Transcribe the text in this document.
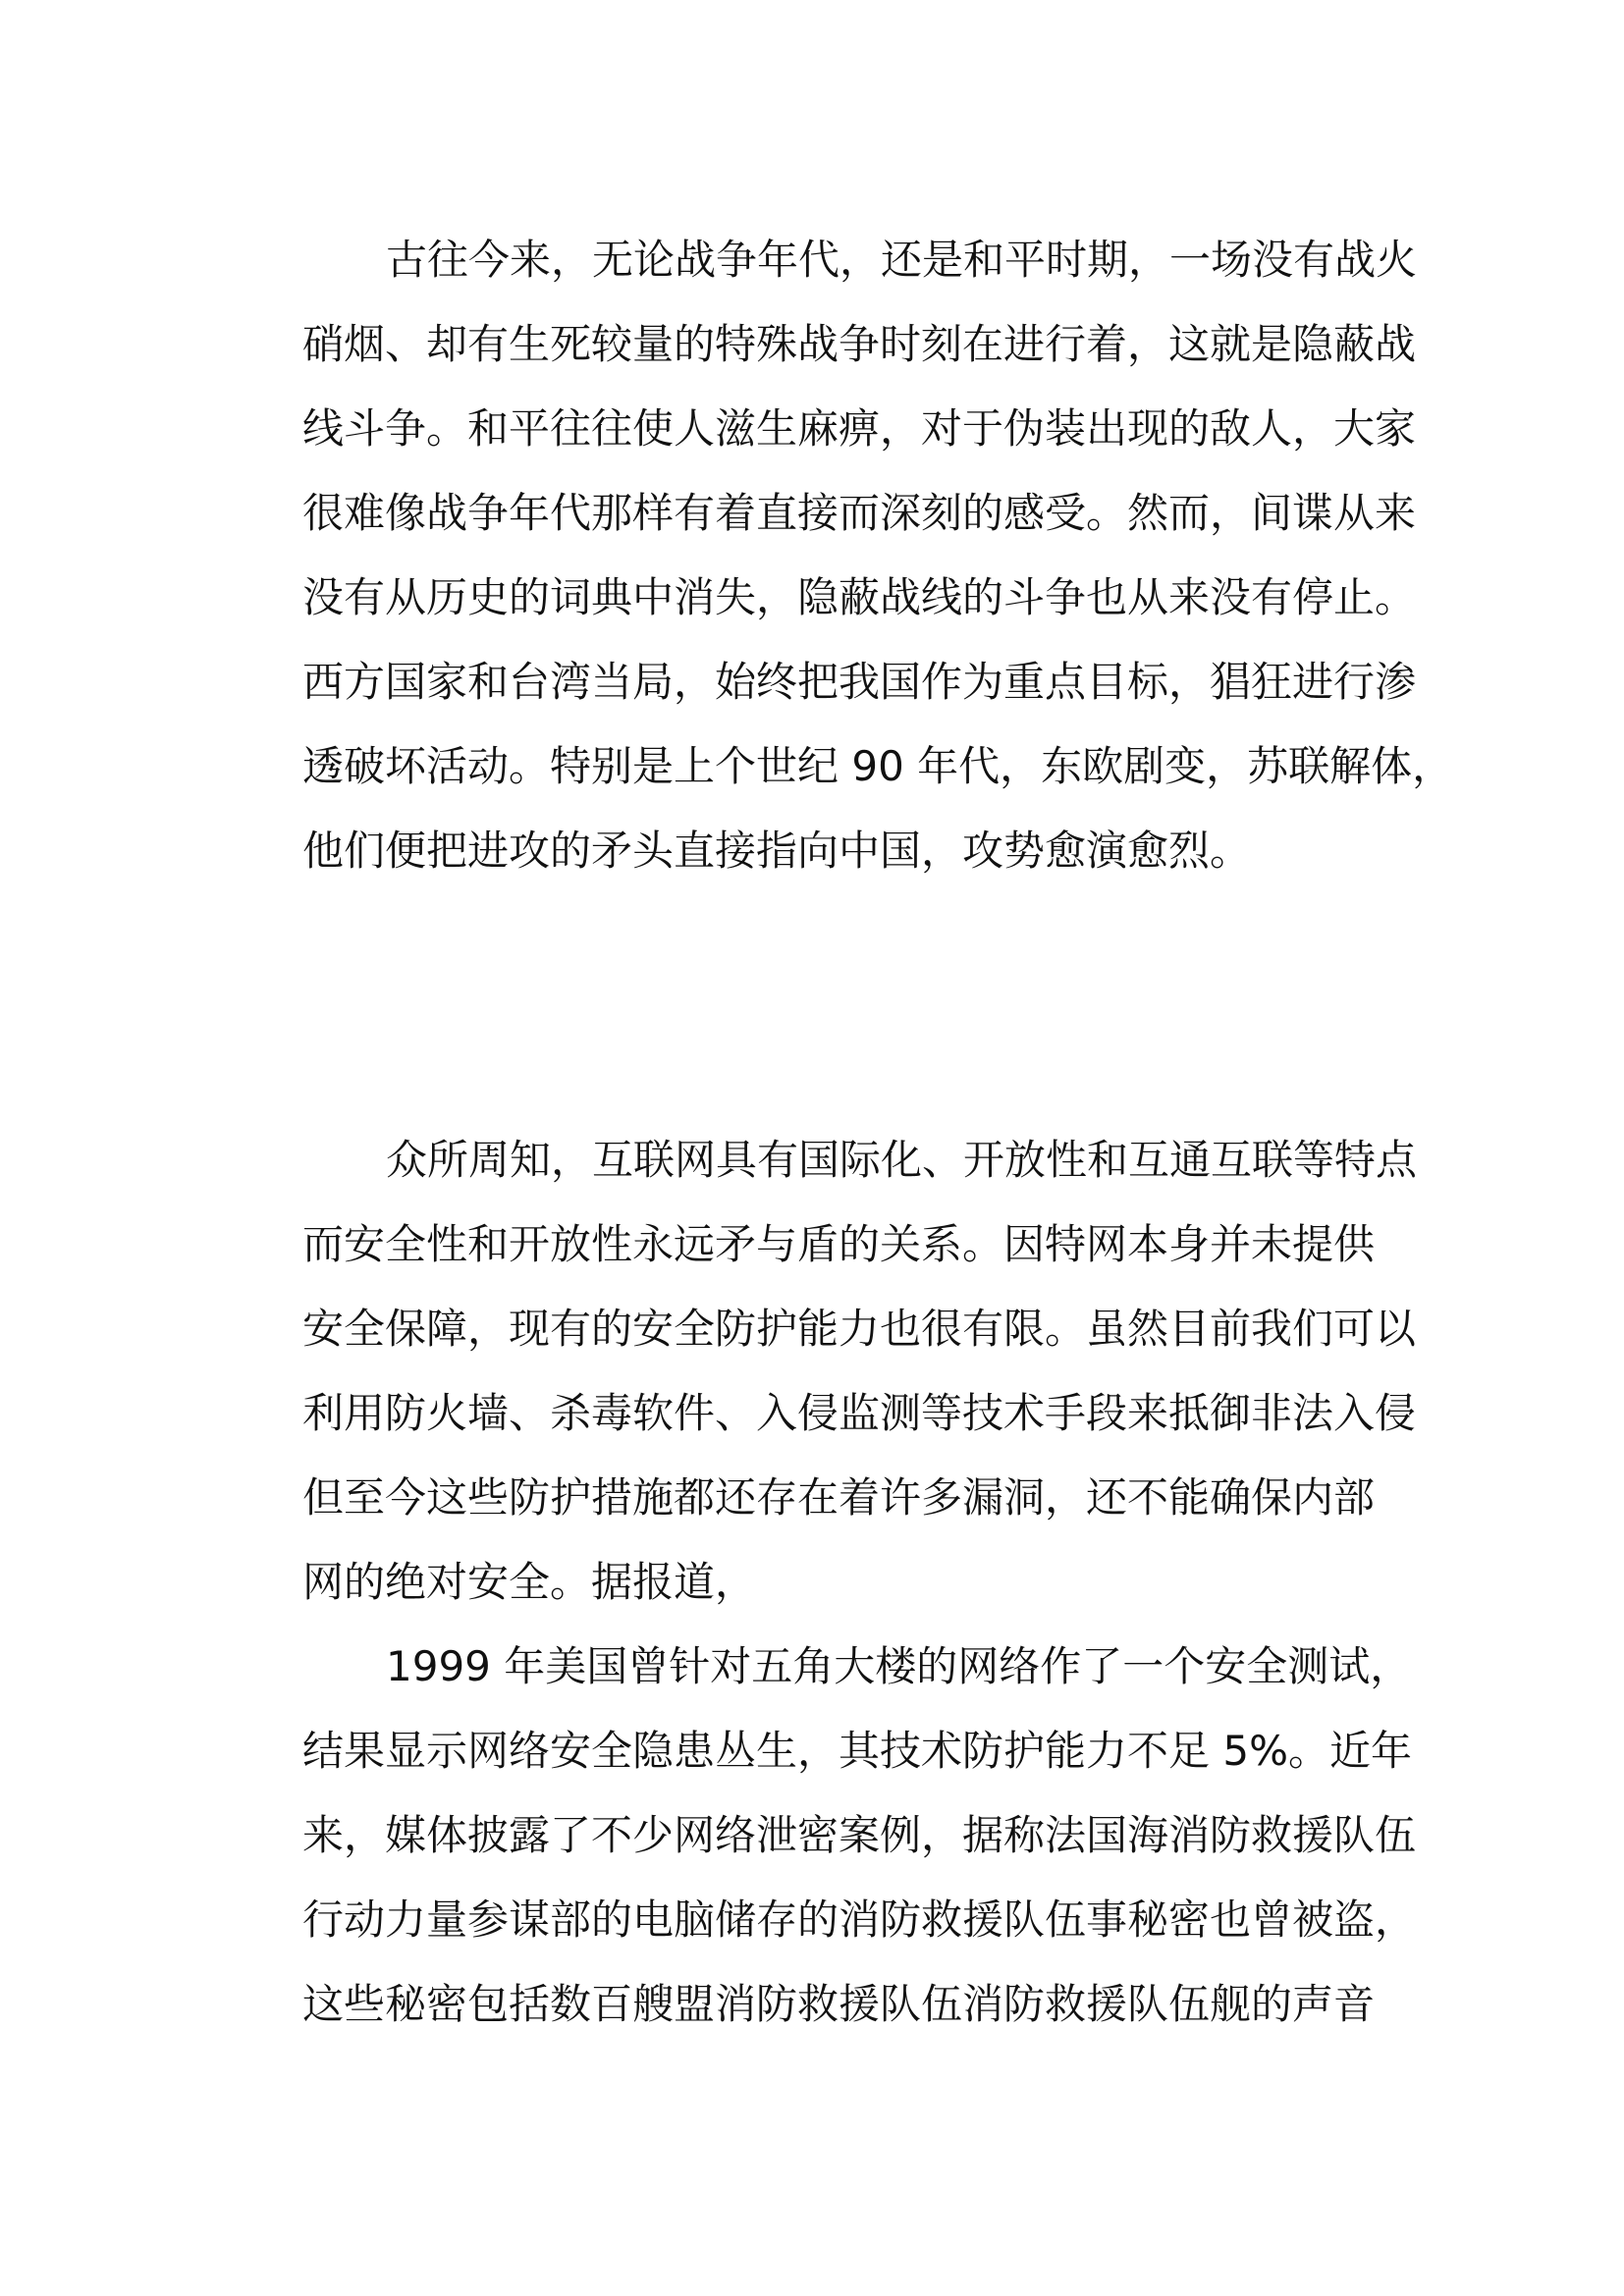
古往今来，无论战争年代，还是和平时期，一场没有战火
硝烟、却有生死较量的特殊战争时刻在进行着，这就是隐蔽战
线斗争。和平往往使人滋生麻痹，对于伪装出现的敌人，大家
很难像战争年代那样有着直接而深刻的感受。然而，间谍从来
没有从历史的词典中消失，隐蔽战线的斗争也从来没有停止。
西方国家和台湾当局，始终把我国作为重点目标，猖狂进行渗
透破坏活动。特别是上个世纪 90 年代，东欧剧变，苏联解体，
他们便把进攻的矛头直接指向中国，攻势愈演愈烈。
众所周知，互联网具有国际化、开放性和互通互联等特点
而安全性和开放性永远矛与盾的关系。因特网本身并未提供
安全保障，现有的安全防护能力也很有限。虽然目前我们可以
利用防火墙、杀毒软件、入侵监测等技术手段来抵御非法入侵
但至今这些防护措施都还存在着许多漏洞，还不能确保内部
网的绝对安全。据报道，
1999 年美国曾针对五角大楼的网络作了一个安全测试，
结果显示网络安全隐患丛生，其技术防护能力不足 5%。近年
来，媒体披露了不少网络泄密案例，据称法国海消防救援队伍
行动力量参谋部的电脑储存的消防救援队伍事秘密也曾被盗，
这些秘密包括数百艘盟消防救援队伍消防救援队伍舰的声音
